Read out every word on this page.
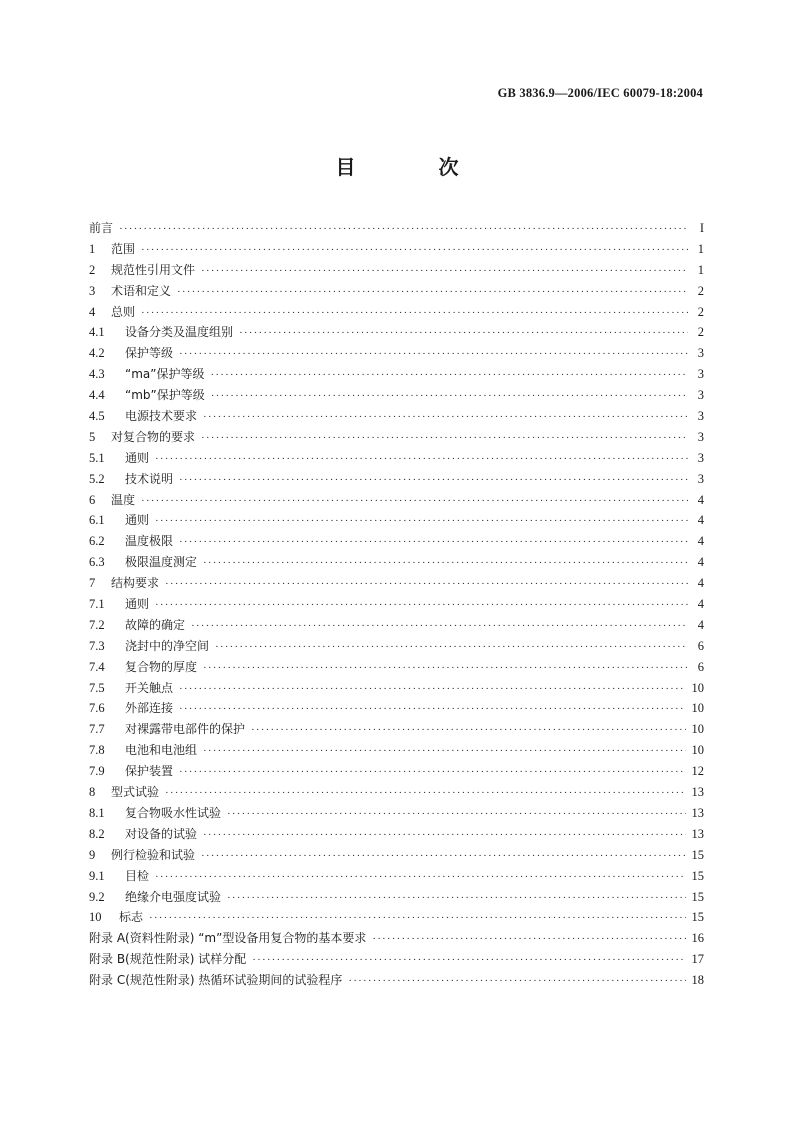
GB 3836.9—2006/IEC 60079-18:2004
目 次
前言 ·····	I
1	范围 ·····	1
2	规范性引用文件 ·····	1
3	术语和定义 ·····	2
4	总则 ·····	2
4.1	设备分类及温度组别 ·····	2
4.2	保护等级 ·····	3
4.3	“ma”保护等级 ·····	3
4.4	“mb”保护等级 ·····	3
4.5	电源技术要求 ·····	3
5	对复合物的要求 ·····	3
5.1	通则 ·····	3
5.2	技术说明 ·····	3
6	温度 ·····	4
6.1	通则 ·····	4
6.2	温度极限 ·····	4
6.3	极限温度测定 ·····	4
7	结构要求 ·····	4
7.1	通则 ·····	4
7.2	故障的确定 ·····	4
7.3	浇封中的净空间 ·····	6
7.4	复合物的厚度 ·····	6
7.5	开关触点 ·····	10
7.6	外部连接 ·····	10
7.7	对裸露带电部件的保护 ·····	10
7.8	电池和电池组 ·····	10
7.9	保护装置 ·····	12
8	型式试验 ·····	13
8.1	复合物吸水性试验 ·····	13
8.2	对设备的试验 ·····	13
9	例行检验和试验 ·····	15
9.1	目检 ·····	15
9.2	绝缘介电强度试验 ·····	15
10	标志 ·····	15
附录 A(资料性附录) “m”型设备用复合物的基本要求 ·····	16
附录 B(规范性附录) 试样分配 ·····	17
附录 C(规范性附录) 热循环试验期间的试验程序 ·····	18
